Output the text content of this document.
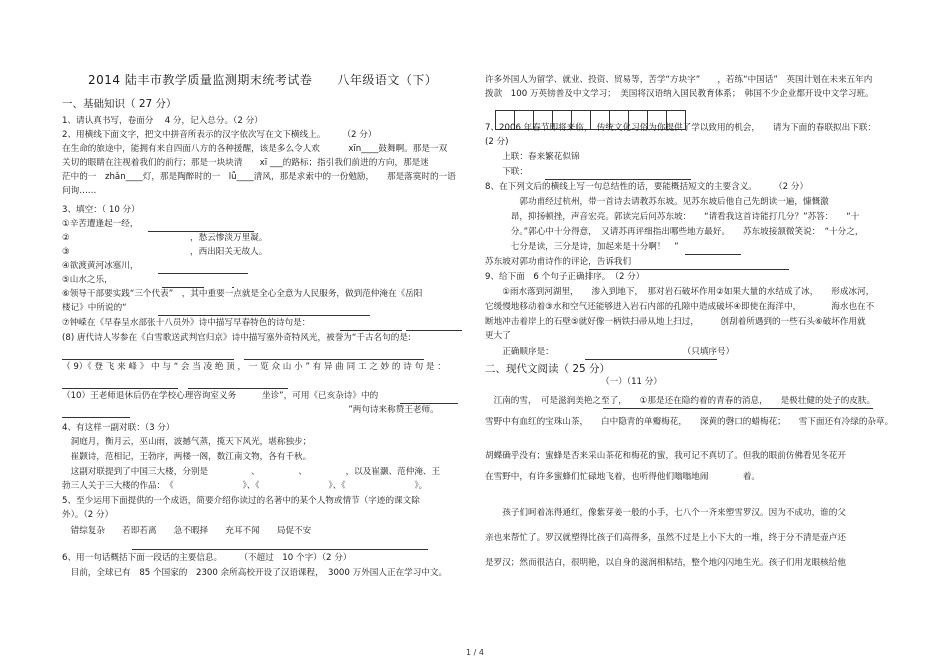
2014 陆丰市教学质量监测期末统考试卷　　八年级语文（下）
一、基础知识（ 27 分）
1、请认真书写，卷面分　 4 分，记入总分。（2 分）
2、用横线下面文字，把文中拼音所表示的汉字依次写在文下横线上。　　　（2 分）
在生命的旅途中，能拥有来自四面八方的各种援醒，该是多么令人欢　　　 xīn____鼓舞啊。那是一双
关切的眼睛在注视着我们的前行；那是一块块清　　xī ___的路标；指引我们前进的方向，那是迷
茫中的一　zhǎn____灯，那是陶醉时的一　lǚ____清风，那是求索中的一份勉励，　　那是落寞时的一语
问询……
3、填空：（ 10 分）
①辛苦遭逢起一经，
②　　　　　　　　　　　　　　，愁云惨淡万里凝。
③　　　　　　　　　　　　　　，西出阳关无故人。
④欲渡黄河冰塞川，
⑤山水之乐，
⑥领导干部要实践“三个代表”　，其中重要一点就是全心全意为人民服务，做到范仲淹在《岳阳
楼记》中所说的“
⑦钟嵘在《早春呈水部张十八员外》诗中描写早春特色的诗句是：
(8) 唐代诗人岑参在《白雪歌送武判官归京》诗中描写塞外奇特风光，被誉为“千古名句的是:
（ 9）《 登 飞 来 峰 》 中 与 “ 会 当 凌 绝 顶 ， 一 览 众 山 小 ” 有 异 曲 同 工 之 妙 的 诗 句 是 ：
（10）王老师退休后仍在学校心理咨询室义务　　　坐诊”，可用《已亥杂诗》中的
　　　　　　　　　　　　　　　　　　　　　　　　　　　　　　　　　 ”两句诗来称赞王老师。
4、有这样一副对联：（3 分）
　洞庭月，衡月云，巫山雨，波撼气蒸，揽天下风光，堪称独步；
　崔颢诗，范相记，王勃序，两楼一阁，数江南文物，各有千秋。
　这副对联提到了中国三大楼，分别是　　　　　、　　　　　、　　　　　，以及崔灏、范仲淹、王
勃三人关于三大楼的作品：　《　　　　　　　　》、《　　　　　　　　》、《　　　　　　　　》。
5、至少运用下面提供的一个成语，简要介绍你读过的名著中的某个人物或情节（字迹的课文除
外）。（2 分）
　错综复杂　　若即若离　　急不暇择　　充耳不闻　　局促不安
6、用一句话概括下面一段话的主要信息。　　　（不超过　10 个字）（2 分）
　目前，全球已有　85 个国家的　2300 余所高校开设了汉语课程，　3000 万外国人正在学习中文。
许多外国人为留学、就业、投资、贸易等，苦学“方块字”　　，若练“中国话”　英国计划在未来五年内
拨款　100 万英镑普及中文学习；　美国将汉语纳入国民教育体系；　韩国不少企业都开设中文学习班。
7、2006 年春节即将来临，　传统文化习俗为你提供了学以致用的机会，　　请为下面的春联拟出下联：
(2 分)
　　上联：春来繁花似锦
　　下联：
8、在下列文后的横线上写一句总结性的话，要能概括短文的主要含义。　　　（2 分）
　　　　郭功甫经过杭州，带一首诗去请教苏东坡。见苏东坡后他自己先朗读一遍，慷慨激
　　　昂，抑扬顿挫，声音宏亮。郭读完后问苏东坡：　　“请看我这首诗能打几分？”苏答：　　“十
　　　分。”郭心中十分得意，　又请苏再评细指出哪些地方最好。　　苏东坡接颔微笑说：　“十分之，
　　　七分是读，三分是诗，加起来是十分啊！　”
苏东坡对郭功甫诗作的评论，告诉我们
9、给下面　6 个句子正确排序。　（2 分）
　　①雨水落到河湖里，　　渗入到地下，　那对岩石破坏作用②如果大量的水结成了冰，　　形成冰河，
它缓慢地移动着③水和空气还能够进入岩石内部的孔隙中造成破坏④即使在海洋中，　　　　海水也在不
断地冲击着岸上的石壁⑤就好像一柄铁扫帚从地上扫过，　　　创刮着所遇到的一些石头⑥破坏作用就
更大了
　　正确顺序是：　　　　　　　　　　　　　　　　（只填序号）
二、现代文阅读（ 25 分）
　　　　　　　　　　　　　　（一）（11 分）
　江南的雪，　可是滋润美艳之至了，　　①那是还在隐约着的青春的消息，　　是极壮健的处子的皮肤。
雪野中有血红的宝珠山茶，　　白中隐青的单瓣梅花，　　深黄的磬口的蜡梅花；　　雪下面还有冷绿的杂草。
胡蝶确乎没有；蜜蜂是否来采山茶花和梅花的蜜，我可记不真切了。但我的眼前仿佛看见冬花开
在雪野中，有许多蜜蜂们忙碌地飞着，也听得他们嗡嗡地闹　　　　着。
　　孩子们呵着冻得通红，像紫芽姜一般的小手，七八个一齐来塑雪罗汉。因为不成功，谁的父
亲也来帮忙了。罗汉就塑得比孩子们高得多，虽然不过是上小下大的一堆，终于分不清是壶卢还
是罗汉；然而很洁白，很明艳，以自身的滋润相粘结，整个地闪闪地生光。孩子们用龙眼核给他
1 / 4
